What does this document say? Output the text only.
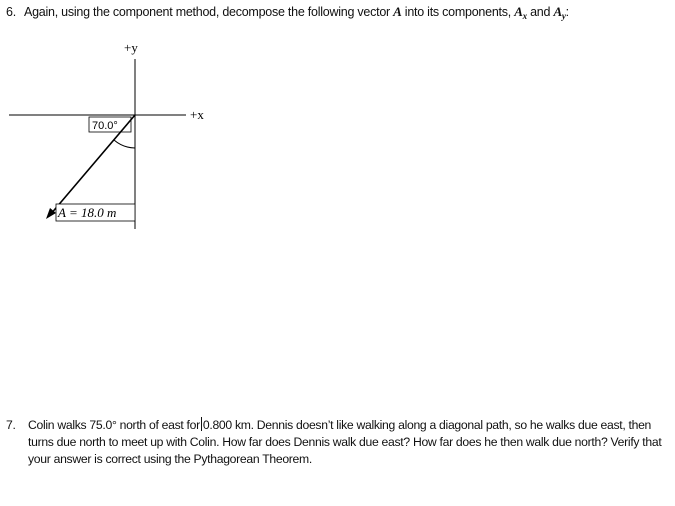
6. Again, using the component method, decompose the following vector A into its components, $A_x$ and $A_y$:
+y
+x
70.0°
A = 18.0 m
7. Colin walks 75.0° north of east for 0.800 km. Dennis doesn’t like walking along a diagonal path, so he walks due east, then turns due north to meet up with Colin. How far does Dennis walk due east? How far does he then walk due north? Verify that your answer is correct using the Pythagorean Theorem.
